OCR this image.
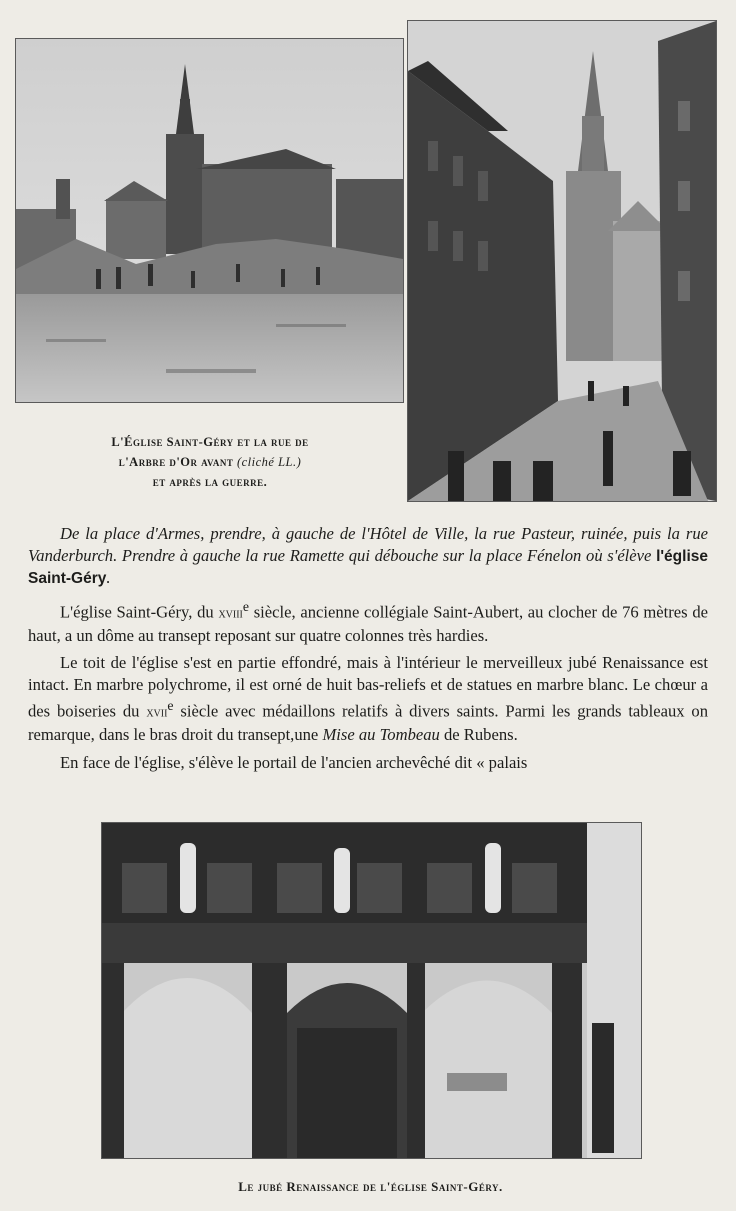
L'Église Saint-Géry et la rue de
l'Arbre d'Or avant (cliché LL.)
et après la guerre.

De la place d'Armes, prendre, à gauche de l'Hôtel de Ville, la rue Pasteur, ruinée, puis la rue Vanderburch. Prendre à gauche la rue Ramette qui débouche sur la place Fénelon où s'élève l'église Saint-Géry.

L'église Saint-Géry, du xviii$^e$ siècle, ancienne collégiale Saint-Aubert, au clocher de 76 mètres de haut, a un dôme au transept reposant sur quatre colonnes très hardies.

Le toit de l'église s'est en partie effondré, mais à l'intérieur le merveilleux jubé Renaissance est intact. En marbre polychrome, il est orné de huit bas-reliefs et de statues en marbre blanc. Le chœur a des boiseries du xvii$^e$ siècle avec médaillons relatifs à divers saints. Parmi les grands tableaux on remarque, dans le bras droit du transept,une Mise au Tombeau de Rubens.

En face de l'église, s'élève le portail de l'ancien archevêché dit « palais

Le jubé Renaissance de l'église Saint-Géry.
